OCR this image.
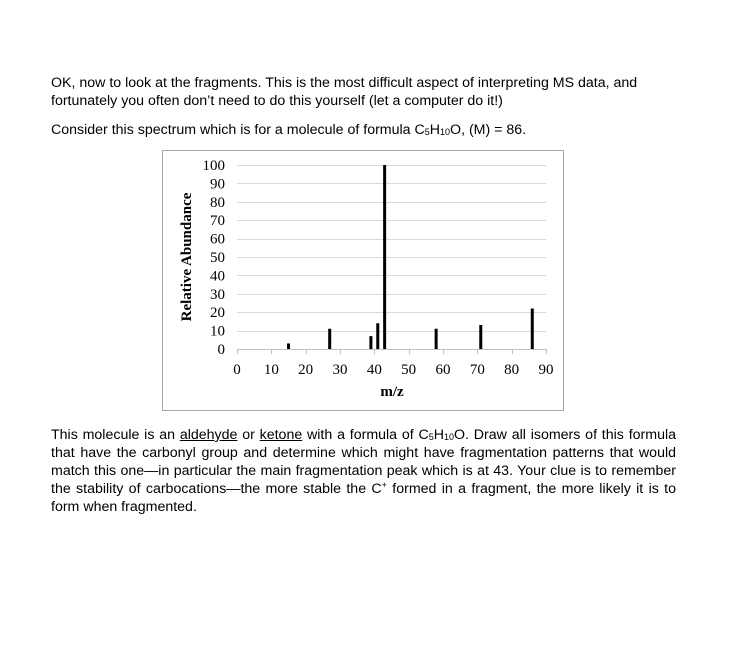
OK, now to look at the fragments. This is the most difficult aspect of interpreting MS data, and
fortunately you often don’t need to do this yourself (let a computer do it!)

Consider this spectrum which is for a molecule of formula $C_5H_{10}O$, (M) = 86.

0
10
20
30
40
50
60
70
80
90
100
0 10 20 30 40 50 60 70 80 90
Relative Abundance
m/z

This molecule is an aldehyde or ketone with a formula of $C_5H_{10}O$. Draw all isomers of this formula that have the carbonyl group and determine which might have fragmentation patterns that would match this one—in particular the main fragmentation peak which is at 43. Your clue is to remember the stability of carbocations—the more stable the C+ formed in a fragment, the more likely it is to form when fragmented.
